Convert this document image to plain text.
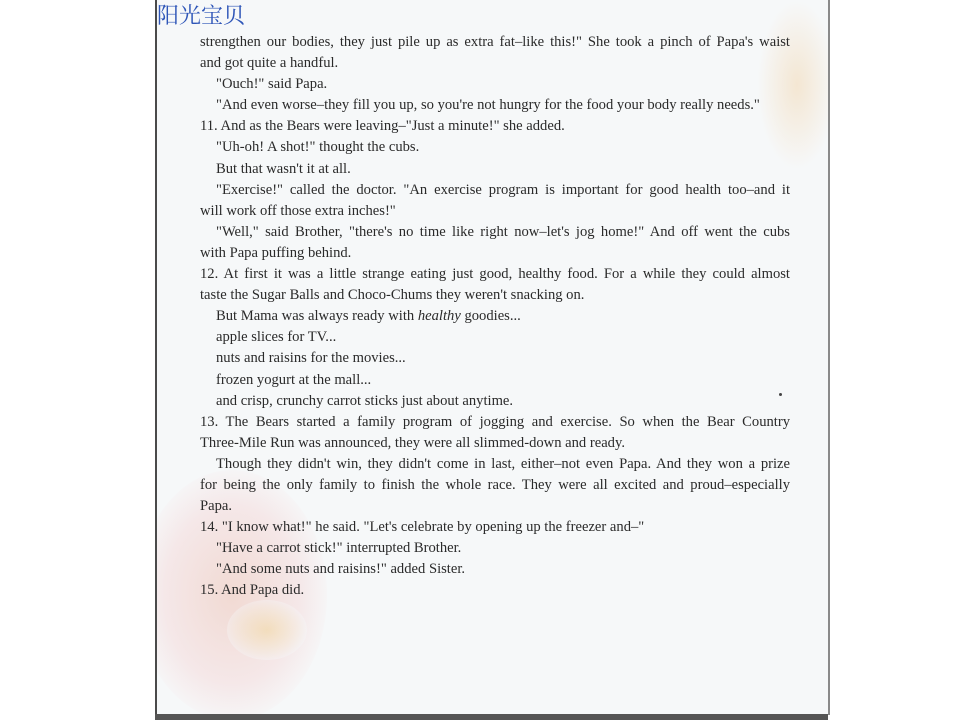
阳光宝贝
strengthen our bodies, they just pile up as extra fat–like this!" She took a pinch of Papa's waist
and got quite a handful.
"Ouch!" said Papa.
"And even worse–they fill you up, so you're not hungry for the food your body really needs."
11. And as the Bears were leaving–"Just a minute!" she added.
"Uh-oh! A shot!" thought the cubs.
But that wasn't it at all.
"Exercise!" called the doctor. "An exercise program is important for good health too–and it
will work off those extra inches!"
"Well," said Brother, "there's no time like right now–let's jog home!" And off went the cubs
with Papa puffing behind.
12. At first it was a little strange eating just good, healthy food. For a while they could almost
taste the Sugar Balls and Choco-Chums they weren't snacking on.
But Mama was always ready with healthy goodies...
apple slices for TV...
nuts and raisins for the movies...
frozen yogurt at the mall...
and crisp, crunchy carrot sticks just about anytime.
13. The Bears started a family program of jogging and exercise. So when the Bear Country
Three-Mile Run was announced, they were all slimmed-down and ready.
Though they didn't win, they didn't come in last, either–not even Papa. And they won a prize
for being the only family to finish the whole race. They were all excited and proud–especially
Papa.
14. "I know what!" he said. "Let's celebrate by opening up the freezer and–"
"Have a carrot stick!" interrupted Brother.
"And some nuts and raisins!" added Sister.
15. And Papa did.
